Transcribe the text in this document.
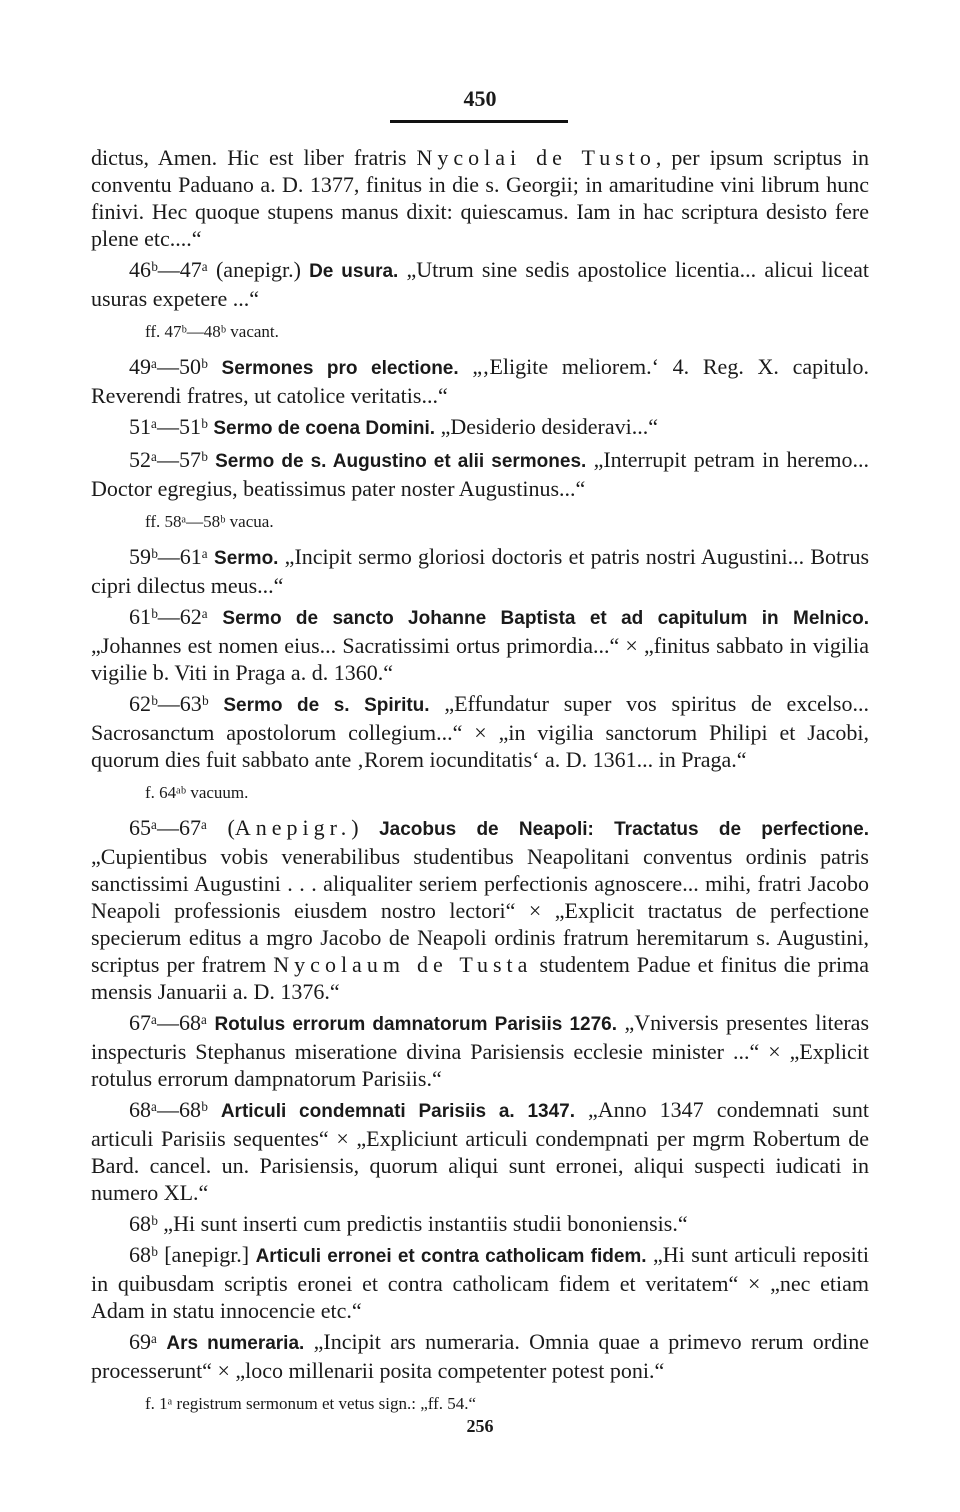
450

dictus, Amen. Hic est liber fratris Nycolai de Tusto, per ipsum scriptus in conventu Paduano a. D. 1377, finitus in die s. Georgii; in amaritudine vini librum hunc finivi. Hec quoque stupens manus dixit: quiescamus. Iam in hac scriptura desisto fere plene etc....“

46ᵇ—47ᵃ (anepigr.) De usura. „Utrum sine sedis apostolice licentia... alicui liceat usuras expetere ...“

ff. 47ᵇ—48ᵇ vacant.

49ᵃ—50ᵇ Sermones pro electione. „‚Eligite meliorem.‘ 4. Reg. X. capitulo. Reverendi fratres, ut catolice veritatis...“

51ᵃ—51ᵇ Sermo de coena Domini. „Desiderio desideravi...“

52ᵃ—57ᵇ Sermo de s. Augustino et alii sermones. „Interrupit petram in heremo... Doctor egregius, beatissimus pater noster Augustinus...“

ff. 58ᵃ—58ᵇ vacua.

59ᵇ—61ᵃ Sermo. „Incipit sermo gloriosi doctoris et patris nostri Augustini... Botrus cipri dilectus meus...“

61ᵇ—62ᵃ Sermo de sancto Johanne Baptista et ad capitulum in Melnico. „Johannes est nomen eius... Sacratissimi ortus primordia...“ × „finitus sabbato in vigilia vigilie b. Viti in Praga a. d. 1360.“

62ᵇ—63ᵇ Sermo de s. Spiritu. „Effundatur super vos spiritus de excelso... Sacrosanctum apostolorum collegium...“ × „in vigilia sanctorum Philipi et Jacobi, quorum dies fuit sabbato ante ‚Rorem iocunditatis‘ a. D. 1361... in Praga.“

f. 64ᵃᵇ vacuum.

65ᵃ—67ᵃ (Anepigr.) Jacobus de Neapoli: Tractatus de perfectione. „Cupientibus vobis venerabilibus studentibus Neapolitani conventus ordinis patris sanctissimi Augustini . . . aliqualiter seriem perfectionis agnoscere... mihi, fratri Jacobo Neapoli professionis eiusdem nostro lectori“ × „Explicit tractatus de perfectione specierum editus a mgro Jacobo de Neapoli ordinis fratrum heremitarum s. Augustini, scriptus per fratrem Nycolaum de Tusta studentem Padue et finitus die prima mensis Januarii a. D. 1376.“

67ᵃ—68ᵃ Rotulus errorum damnatorum Parisiis 1276. „Vniversis presentes literas inspecturis Stephanus miseratione divina Parisiensis ecclesie minister ...“ × „Explicit rotulus errorum dampnatorum Parisiis.“

68ᵃ—68ᵇ Articuli condemnati Parisiis a. 1347. „Anno 1347 condemnati sunt articuli Parisiis sequentes“ × „Expliciunt articuli condempnati per mgrm Robertum de Bard. cancel. un. Parisiensis, quorum aliqui sunt erronei, aliqui suspecti iudicati in numero XL.“

68ᵇ „Hi sunt inserti cum predictis instantiis studii bononiensis.“

68ᵇ [anepigr.] Articuli erronei et contra catholicam fidem. „Hi sunt articuli repositi in quibusdam scriptis eronei et contra catholicam fidem et veritatem“ × „nec etiam Adam in statu innocencie etc.“

69ᵃ Ars numeraria. „Incipit ars numeraria. Omnia quae a primevo rerum ordine processerunt“ × „loco millenarii posita competenter potest poni.“

f. 1ᵃ registrum sermonum et vetus sign.: „ff. 54.“

256
